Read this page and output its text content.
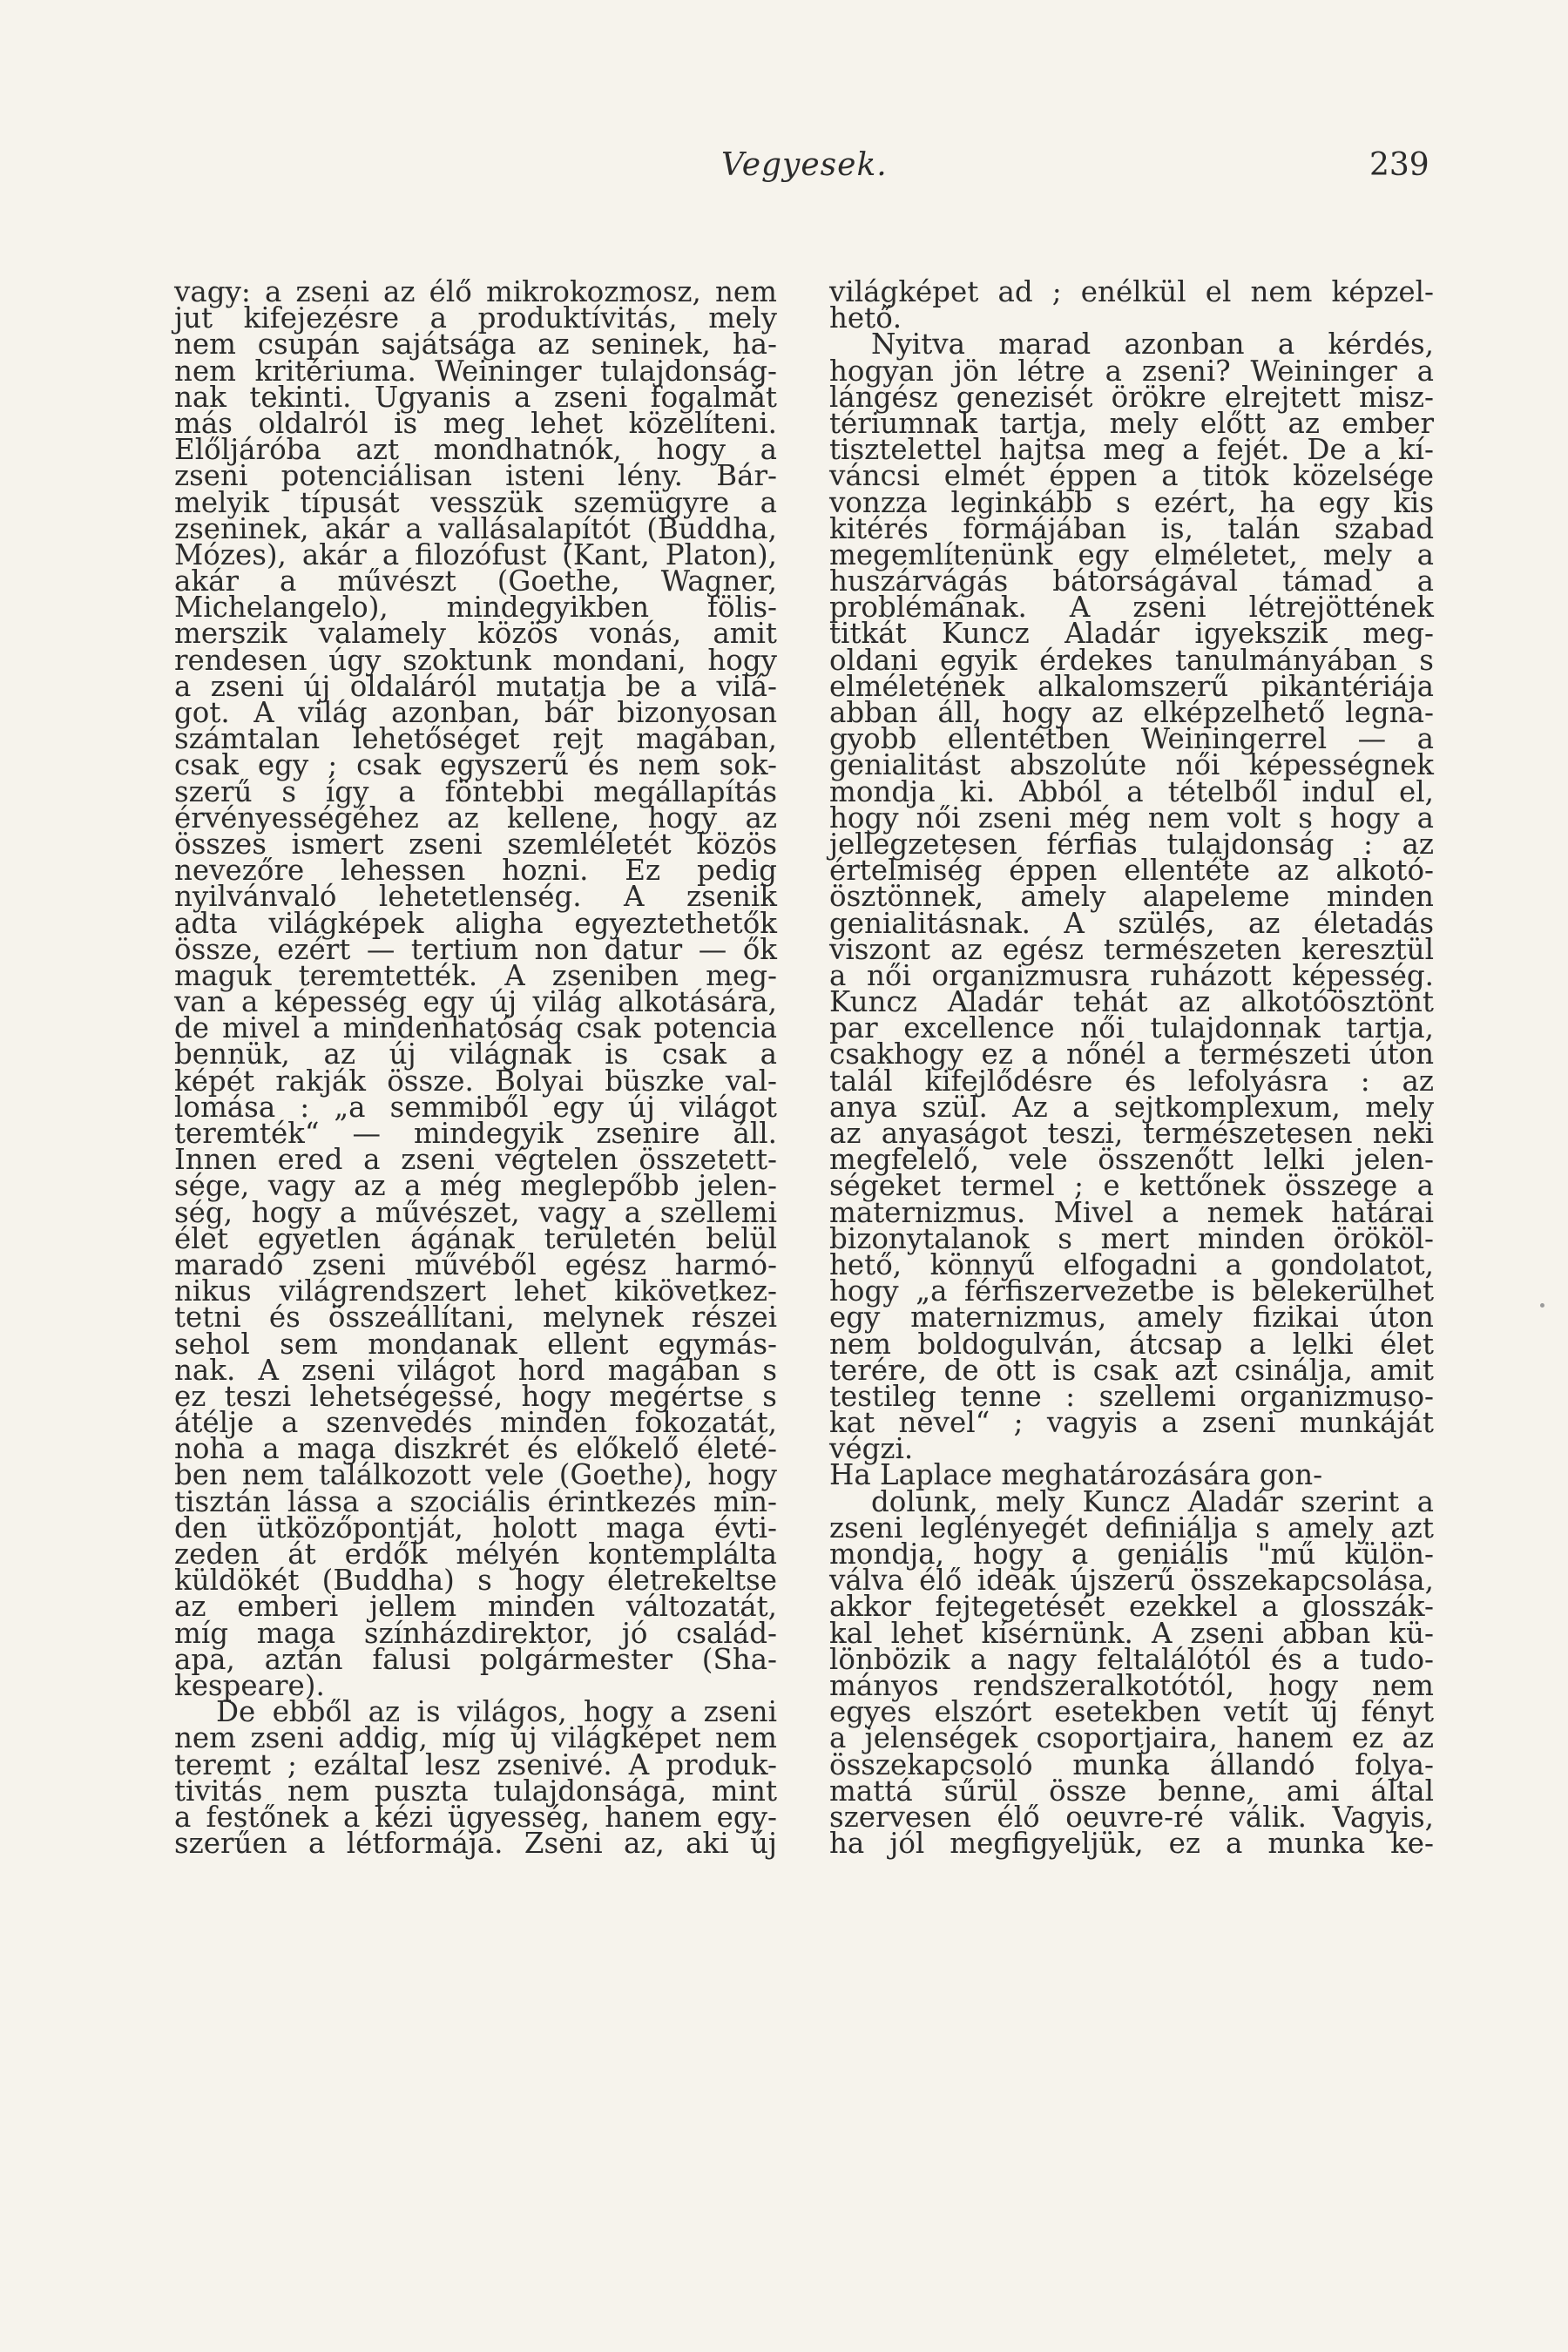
Vegyesek.	239
vagy: a zseni az élő mikrokozmosz, nem
jut kifejezésre a produktívitás, mely
nem csupán sajátsága az seninek, ha-
nem kritériuma. Weininger tulajdonság-
nak tekinti. Ugyanis a zseni fogalmát
más oldalról is meg lehet közelíteni.
Előljáróba azt mondhatnók, hogy a
zseni potenciálisan isteni lény. Bár-
melyik típusát vesszük szemügyre a
zseninek, akár a vallásalapítót (Buddha,
Mózes), akár a filozófust (Kant, Platon),
akár a művészt (Goethe, Wagner,
Michelangelo), mindegyikben fölis-
merszik valamely közös vonás, amit
rendesen úgy szoktunk mondani, hogy
a zseni új oldaláról mutatja be a vilá-
got. A világ azonban, bár bizonyosan
számtalan lehetőséget rejt magában,
csak egy ; csak egyszerű és nem sok-
szerű s így a föntebbi megállapítás
érvényességéhez az kellene, hogy az
összes ismert zseni szemléletét közös
nevezőre lehessen hozni. Ez pedig
nyilvánvaló lehetetlenség. A zsenik
adta világképek aligha egyeztethetők
össze, ezért — tertium non datur — ők
maguk teremtették. A zseniben meg-
van a képesség egy új világ alkotására,
de mivel a mindenhatóság csak potencia
bennük, az új világnak is csak a
képét rakják össze. Bolyai büszke val-
lomása : „a semmiből egy új világot
teremték“ — mindegyik zsenire áll.
Innen ered a zseni végtelen összetett-
sége, vagy az a még meglepőbb jelen-
ség, hogy a művészet, vagy a szellemi
élet egyetlen ágának területén belül
maradó zseni művéből egész harmó-
nikus világrendszert lehet kikövetkez-
tetni és összeállítani, melynek részei
sehol sem mondanak ellent egymás-
nak. A zseni világot hord magában s
ez teszi lehetségessé, hogy megértse s
átélje a szenvedés minden fokozatát,
noha a maga diszkrét és előkelő életé-
ben nem találkozott vele (Goethe), hogy
tisztán lássa a szociális érintkezés min-
den ütközőpontját, holott maga évti-
zeden át erdők mélyén kontemplálta
küldökét (Buddha) s hogy életrekeltse
az emberi jellem minden változatát,
míg maga színházdirektor, jó család-
apa, aztán falusi polgármester (Sha-
kespeare).
De ebből az is világos, hogy a zseni
nem zseni addig, míg új világképet nem
teremt ; ezáltal lesz zsenivé. A produk-
tivitás nem puszta tulajdonsága, mint
a festőnek a kézi ügyesség, hanem egy-
szerűen a létformája. Zseni az, aki új
világképet ad ; enélkül el nem képzel-
hető.
Nyitva marad azonban a kérdés,
hogyan jön létre a zseni? Weininger a
lángész genezisét örökre elrejtett misz-
tériumnak tartja, mely előtt az ember
tisztelettel hajtsa meg a fejét. De a kí-
váncsi elmét éppen a titok közelsége
vonzza leginkább s ezért, ha egy kis
kitérés formájában is, talán szabad
megemlítenünk egy elméletet, mely a
huszárvágás bátorságával támad a
problémának. A zseni létrejöttének
titkát Kuncz Aladár igyekszik meg-
oldani egyik érdekes tanulmányában s
elméletének alkalomszerű pikantériája
abban áll, hogy az elképzelhető legna-
gyobb ellentétben Weiningerrel — a
genialitást abszolúte női képességnek
mondja ki. Abból a tételből indul el,
hogy női zseni még nem volt s hogy a
jellegzetesen férfias tulajdonság : az
értelmiség éppen ellentéte az alkotó-
ösztönnek, amely alapeleme minden
genialitásnak. A szülés, az életadás
viszont az egész természeten keresztül
a női organizmusra ruházott képesség.
Kuncz Aladár tehát az alkotóösztönt
par excellence női tulajdonnak tartja,
csakhogy ez a nőnél a természeti úton
talál kifejlődésre és lefolyásra : az
anya szül. Az a sejtkomplexum, mely
az anyaságot teszi, természetesen neki
megfelelő, vele összenőtt lelki jelen-
ségeket termel ; e kettőnek összege a
maternizmus. Mivel a nemek határai
bizonytalanok s mert minden örököl-
hető, könnyű elfogadni a gondolatot,
hogy „a férfiszervezetbe is belekerülhet
egy maternizmus, amely fizikai úton
nem boldogulván, átcsap a lelki élet
terére, de ott is csak azt csinálja, amit
testileg tenne : szellemi organizmuso-
kat nevel“ ; vagyis a zseni munkáját
végzi.
Ha Laplace meghatározására gon-
dolunk, mely Kuncz Aladár szerint a
zseni leglényegét definiálja s amely azt
mondja, hogy a geniális "mű külön-
válva élő ideák újszerű összekapcsolása,
akkor fejtegetését ezekkel a glosszák-
kal lehet kísérnünk. A zseni abban kü-
lönbözik a nagy feltalálótól és a tudo-
mányos rendszeralkotótól, hogy nem
egyes elszórt esetekben vetít új fényt
a jelenségek csoportjaira, hanem ez az
összekapcsoló munka állandó folya-
mattá sűrül össze benne, ami által
szervesen élő oeuvre-ré válik. Vagyis,
ha jól megfigyeljük, ez a munka ke-
